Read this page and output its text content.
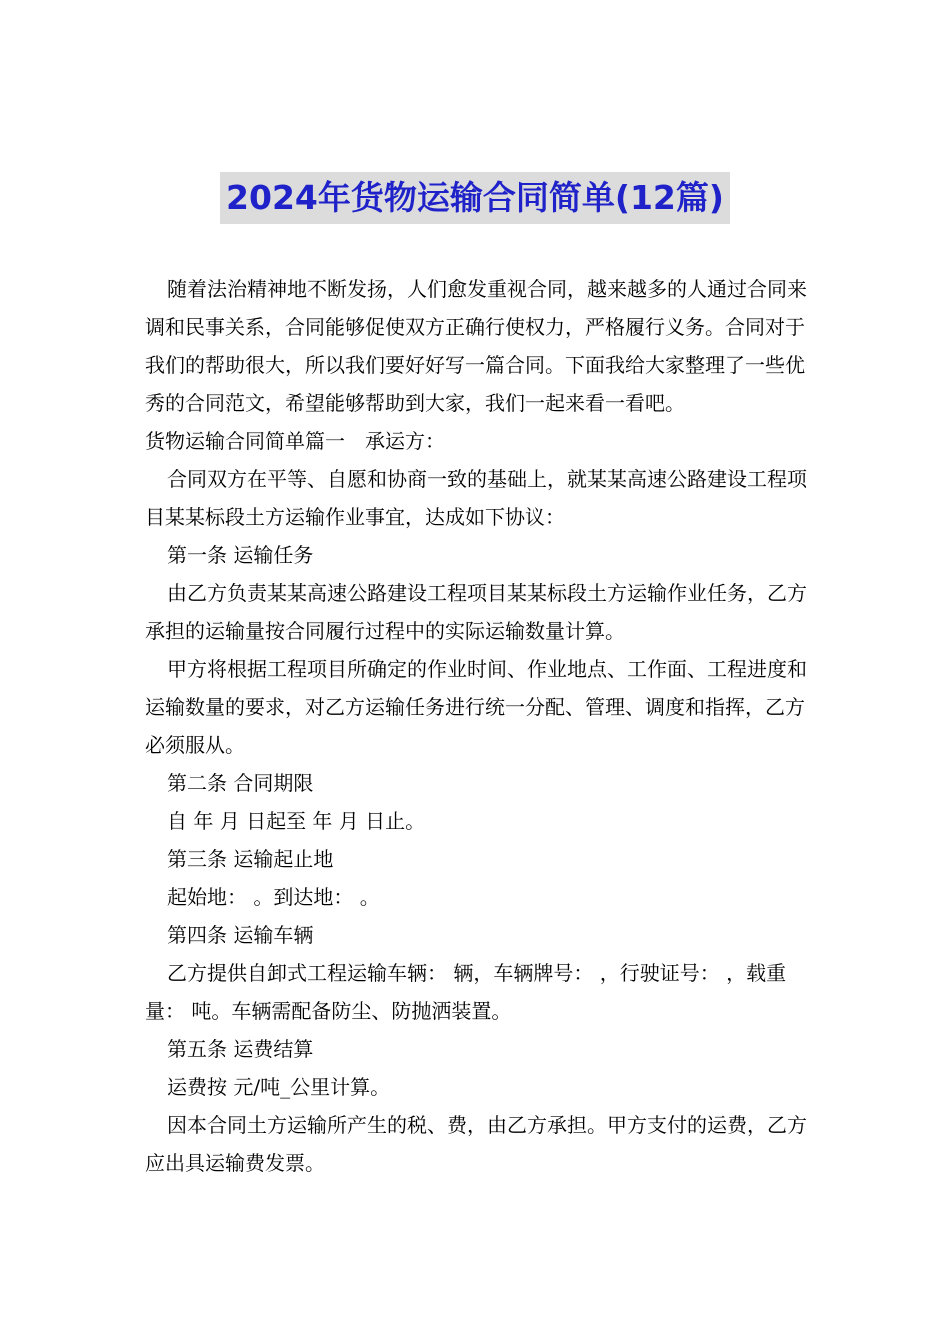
2024年货物运输合同简单(12篇)

随着法治精神地不断发扬，人们愈发重视合同，越来越多的人通过合同来调和民事关系，合同能够促使双方正确行使权力，严格履行义务。合同对于我们的帮助很大，所以我们要好好写一篇合同。下面我给大家整理了一些优秀的合同范文，希望能够帮助到大家，我们一起来看一看吧。

货物运输合同简单篇一　承运方：

合同双方在平等、自愿和协商一致的基础上，就某某高速公路建设工程项目某某标段土方运输作业事宜，达成如下协议：

第一条 运输任务

由乙方负责某某高速公路建设工程项目某某标段土方运输作业任务，乙方承担的运输量按合同履行过程中的实际运输数量计算。

甲方将根据工程项目所确定的作业时间、作业地点、工作面、工程进度和运输数量的要求，对乙方运输任务进行统一分配、管理、调度和指挥，乙方必须服从。

第二条 合同期限

自 年 月 日起至 年 月 日止。

第三条 运输起止地

起始地： 。到达地： 。

第四条 运输车辆

乙方提供自卸式工程运输车辆： 辆，车辆牌号： ，行驶证号： ，载重量： 吨。车辆需配备防尘、防抛洒装置。

第五条 运费结算

运费按 元/吨_公里计算。

因本合同土方运输所产生的税、费，由乙方承担。甲方支付的运费，乙方应出具运输费发票。
